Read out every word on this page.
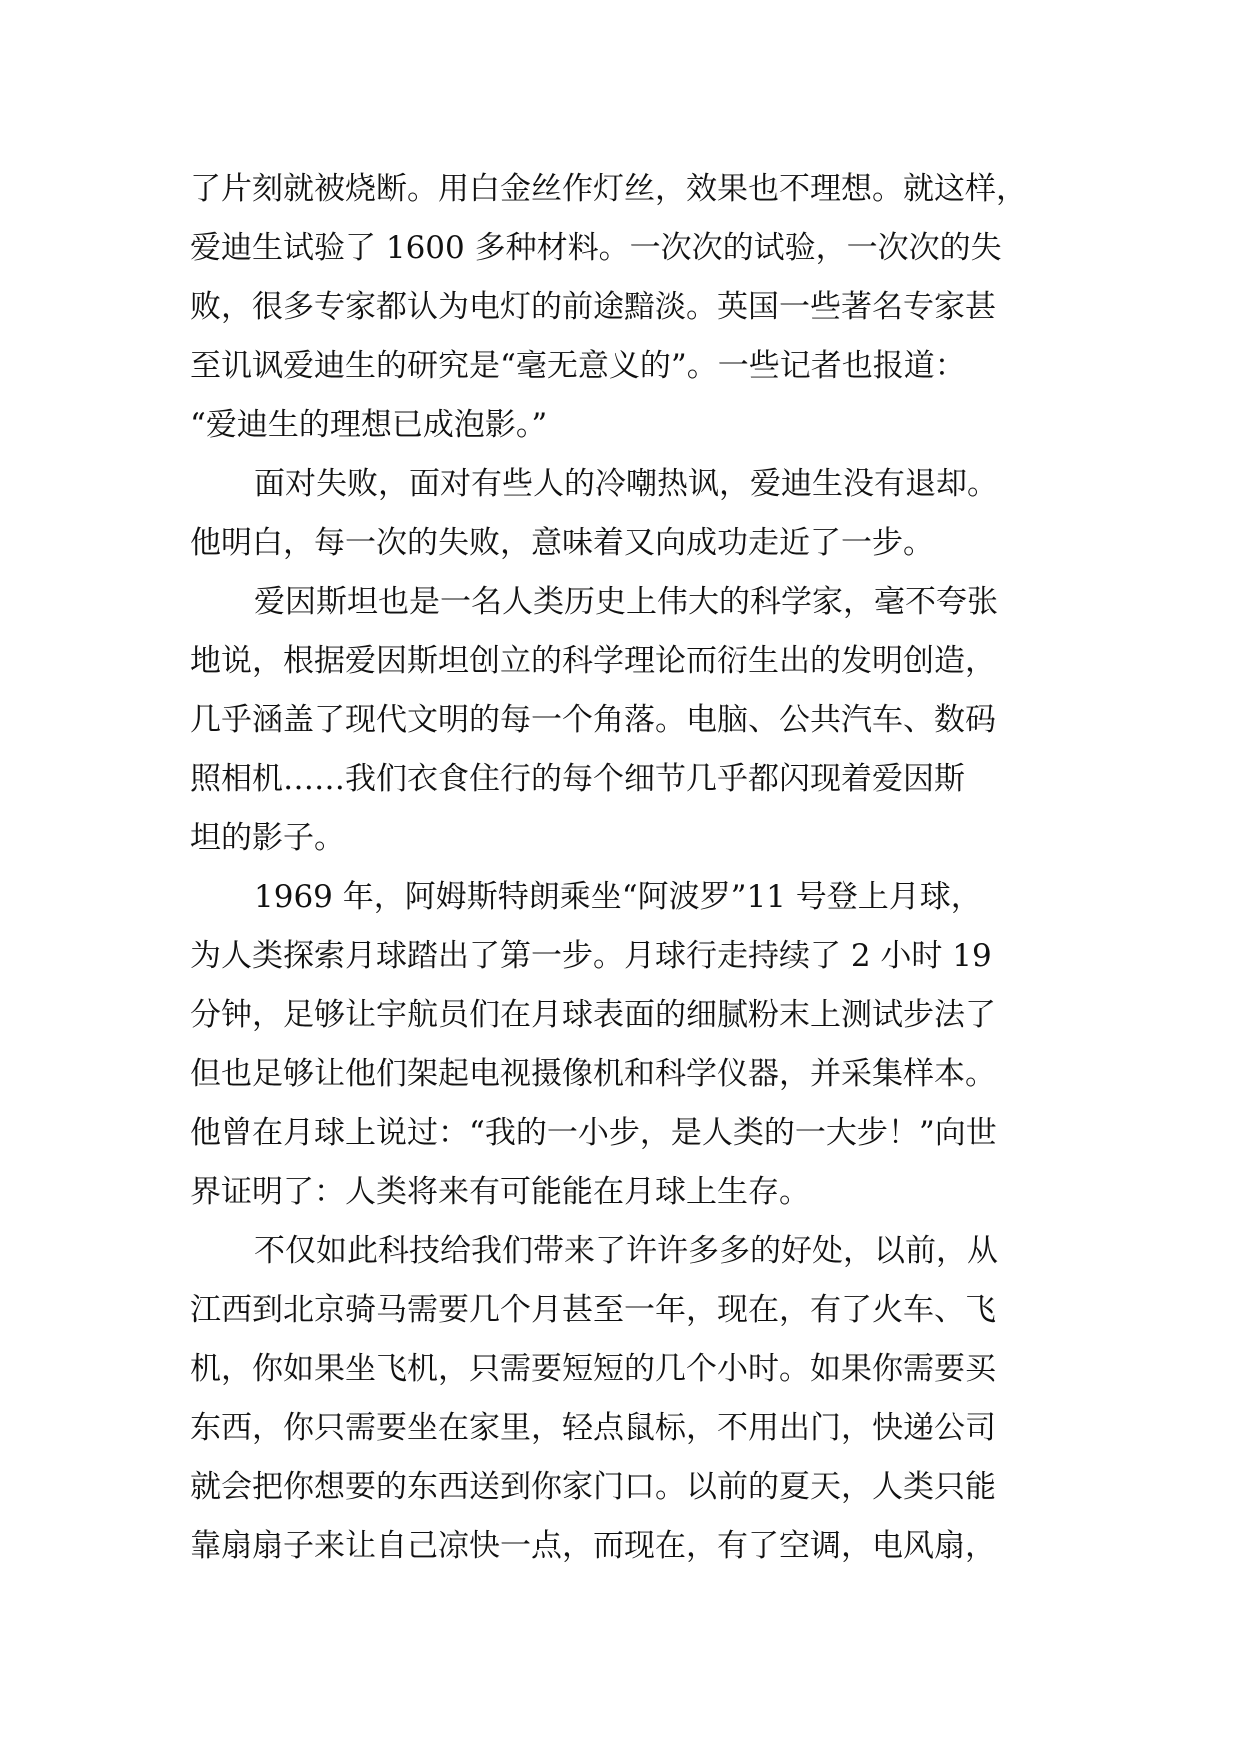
了片刻就被烧断。用白金丝作灯丝，效果也不理想。就这样，
爱迪生试验了 1600 多种材料。一次次的试验，一次次的失
败，很多专家都认为电灯的前途黯淡。英国一些著名专家甚
至讥讽爱迪生的研究是“毫无意义的”。一些记者也报道：
“爱迪生的理想已成泡影。”
面对失败，面对有些人的冷嘲热讽，爱迪生没有退却。
他明白，每一次的失败，意味着又向成功走近了一步。
爱因斯坦也是一名人类历史上伟大的科学家，毫不夸张
地说，根据爱因斯坦创立的科学理论而衍生出的发明创造，
几乎涵盖了现代文明的每一个角落。电脑、公共汽车、数码
照相机……我们衣食住行的每个细节几乎都闪现着爱因斯
坦的影子。
1969 年，阿姆斯特朗乘坐“阿波罗”11 号登上月球，
为人类探索月球踏出了第一步。月球行走持续了 2 小时 19
分钟，足够让宇航员们在月球表面的细腻粉末上测试步法了
但也足够让他们架起电视摄像机和科学仪器，并采集样本。
他曾在月球上说过：“我的一小步，是人类的一大步！”向世
界证明了：人类将来有可能能在月球上生存。
不仅如此科技给我们带来了许许多多的好处，以前，从
江西到北京骑马需要几个月甚至一年，现在，有了火车、飞
机，你如果坐飞机，只需要短短的几个小时。如果你需要买
东西，你只需要坐在家里，轻点鼠标，不用出门，快递公司
就会把你想要的东西送到你家门口。以前的夏天，人类只能
靠扇扇子来让自己凉快一点，而现在，有了空调，电风扇，
